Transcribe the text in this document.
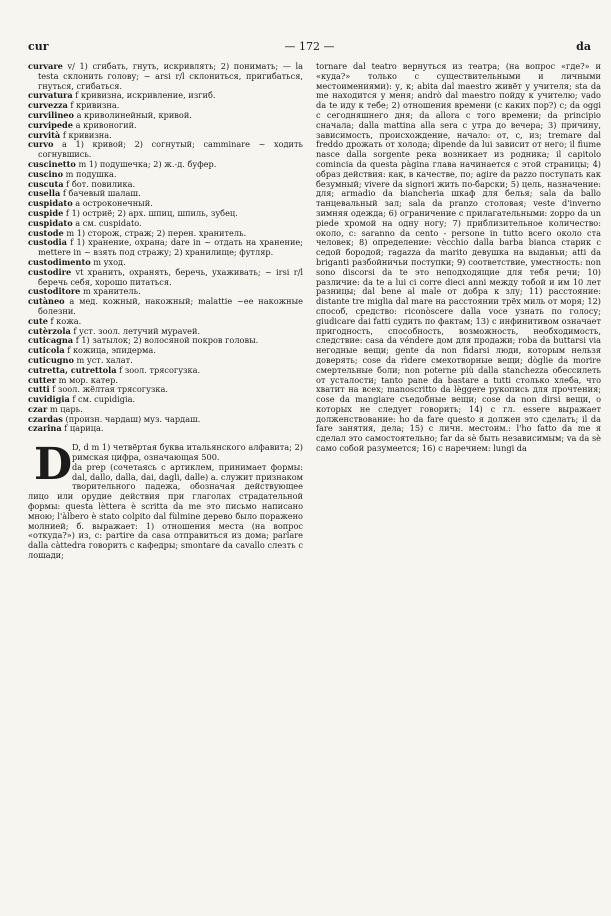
cur	— 172 —	da

curvare v/ 1) сгибать, гнуть, искривлять; 2) понимать; — la testa склонить голову; ~ arsi r/l склониться, пригибаться, гнуться, сгибаться.

curvatura f кривизна, искривление, изгиб.

curvezza f кривизна.

curvilineo а криволинейный, кривой.

curvipede а кривоногий.

curvità f кривизна.

curvo а 1) кривой; 2) согнутый; camminare ~ ходить согнувшись.

cuscinetto m 1) подушечка; 2) ж.-д. буфер.

cuscino m подушка.

cuscuta f бот. повилика.

cusella f бачевый шалаш.

cuspidato а остроконечный.

cuspide f 1) остриё; 2) арх. шпиц, шпиль, зубец.

cuspidato а см. cuspidato.

custode m 1) сторож, страж; 2) перен. хранитель.

custodia f 1) хранение, охрана; dare in ~ отдать на хранение; mettere in ~ взять под стражу; 2) хранилище; футляр.

custodimento m уход.

custodire vt хранить, охранять, беречь, ухаживать; ~ irsi r/l беречь себя, хорошо питаться.

custoditore m хранитель.

cutàneo а мед. кожный, накожный; malattie ~ee накожные болезни.

cute f кожа.

cutèrzola f уст. зоол. летучий мураvей.

cuticagna f 1) затылок; 2) волосяной покров головы.

cuticola f кожица, эпидерма.

cuticugno m уст. халат.

cutretta, cutrettola f зоол. трясогузка.

cutter m мор. катер.

cutti f зоол. жёлтая трясогузка.

cuvidigia f см. cupidigia.

czar m царь.

czardas (произн. чардаш) муз. чардаш.

czarina f царица.

D D, d m 1) четвёртая буква итальянского алфавита; 2) римская цифра, означающая 500.

da prep (сочетаясь с артиклем, принимает формы: dal, dallo, dalla, dai, dagli, dalle) a. служит признаком творительного падежа, обозначая действующее лицо или орудие действия при глаголах страдательной формы: questa lèttera è scritta da me это письмо написано мною; l'àlbero è stato colpito dal fùlmine дерево было поражено молнией; б. выражает: 1) отношения места (на вопрос «откуда?») из, с: partire da casa отправиться из дома; parlare dalla càttedra говорить с кафедры; smontare da cavallo слезть с лошади;

tornare dal teatro вернуться из театра; (на вопрос «где?» и «куда?» только с существительными и личными местоимениями): у, к; abita dal maestro живёт у учителя; sta da me находится у меня; andrò dal maestro пойду к учителю; vado da te иду к тебе; 2) отношения времени (с каких пор?) с; da oggi с сегодняшнего дня; da allora с того времени; da principio сначала; dalla mattina alla sera с утра до вечера; 3) причину, зависимость, происхождение, начало: от, с, из; tremare dal freddo дрожать от холода; dipende da lui зависит от него; il fiume nasce dalla sorgente река возникает из родника; il capitolo comincia da questa pàgina глава начинается с этой страницы; 4) образ действия: как, в качестве, по; agire da pazzo поступать как безумный; vivere da signori жить по-барски; 5) цель, назначение: для; armadio da biancheria шкаф для белья; sala da ballo танцевальный зал; sala da pranzo столовая; veste d'inverno зимняя одежда; 6) ограничение с прилагательными: zoppo da un piede хромой на одну ногу; 7) приблизительное количество: около, с: saranno da cento - persone in tutto всего около ста человек; 8) определение: vècchio dalla barba bianca старик с седой бородой; ragazza da marito девушка на выданьи; atti da briganti разбойничьи поступки; 9) соответствие, уместность: non sono discorsi da te это неподходящие для тебя речи; 10) различие: da te a lui ci corre dieci anni между тобой и им 10 лет разницы; dal bene al male от добра к злу; 11) расстояние: distante tre miglia dal mare на расстоянии трёх миль от моря; 12) способ, средство: riconòscere dalla voce узнать по голосу; giudicare dai fatti судить по фактам; 13) с инфинитивом означает пригодность, способность, возможность, необходимость, следствие: casa da véndere дом для продажи; roba da buttarsi via негодные вещи; gente da non fidarsi люди, которым нельзя доверять; cose da rìdere смехотворные вещи; dòglie da morire смертельные боли; non poterne più dalla stanchezza обессилеть от усталости; tanto pane da bastare a tutti столько хлеба, что хватит на всех; manoscritto da lèggere рукопись для прочтения; cose da mangiare съедобные вещи; cose da non dirsi вещи, о которых не следует говорить; 14) с гл. essere выражает долженствование: ho da fare questo я должен это сделать; il da fare занятия, дела; 15) с личн. местоим.: l'ho fatto da me я сделал это самостоятельно; far da sè быть независимым; va da sè само собой разумеется; 16) с наречием: lungi da
